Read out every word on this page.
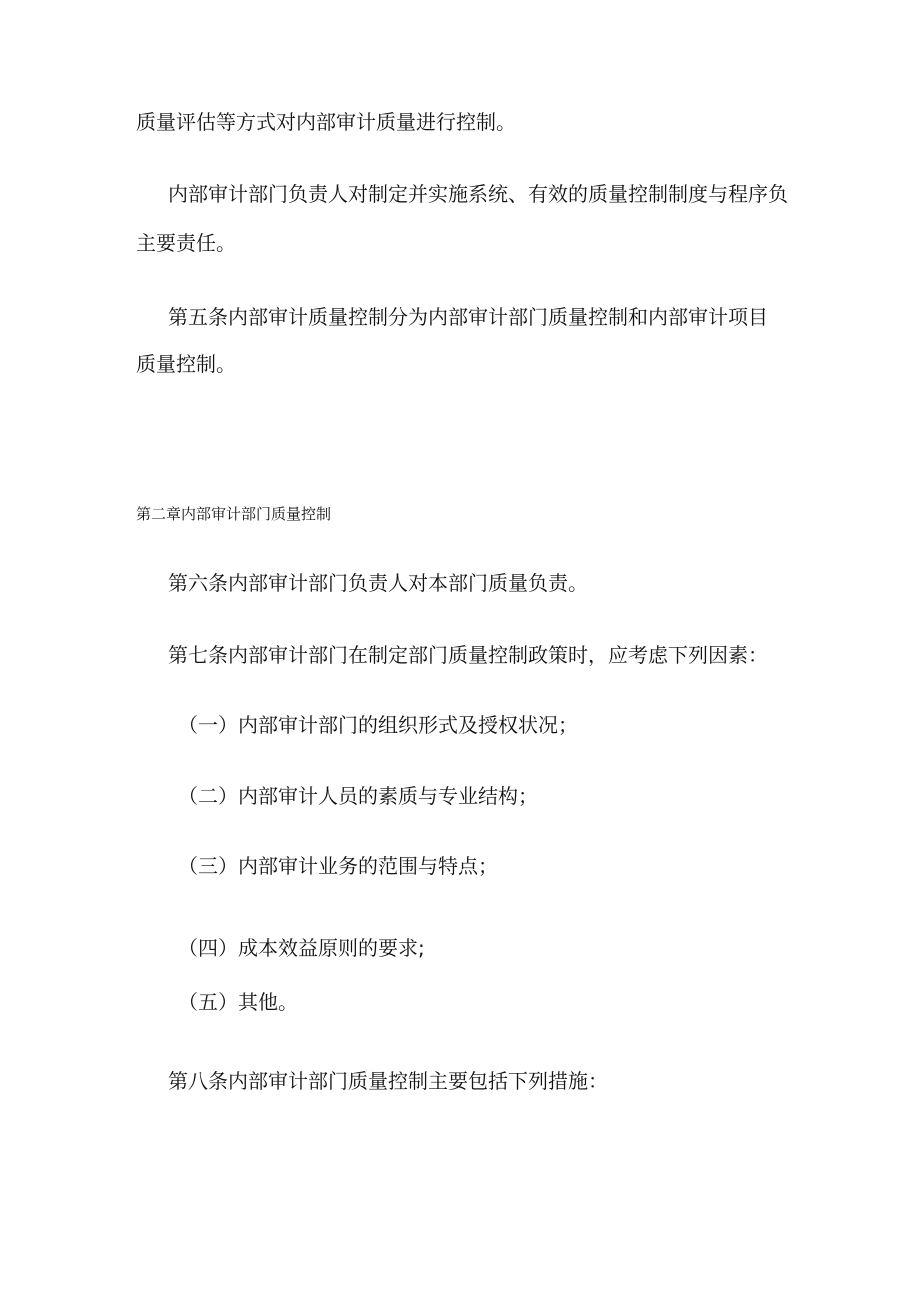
质量评估等方式对内部审计质量进行控制。
内部审计部门负责人对制定并实施系统、有效的质量控制制度与程序负
主要责任。
第五条内部审计质量控制分为内部审计部门质量控制和内部审计项目
质量控制。
第二章内部审计部门质量控制
第六条内部审计部门负责人对本部门质量负责。
第七条内部审计部门在制定部门质量控制政策时，应考虑下列因素：
（一）内部审计部门的组织形式及授权状况；
（二）内部审计人员的素质与专业结构；
（三）内部审计业务的范围与特点；
（四）成本效益原则的要求;
（五）其他。
第八条内部审计部门质量控制主要包括下列措施：
